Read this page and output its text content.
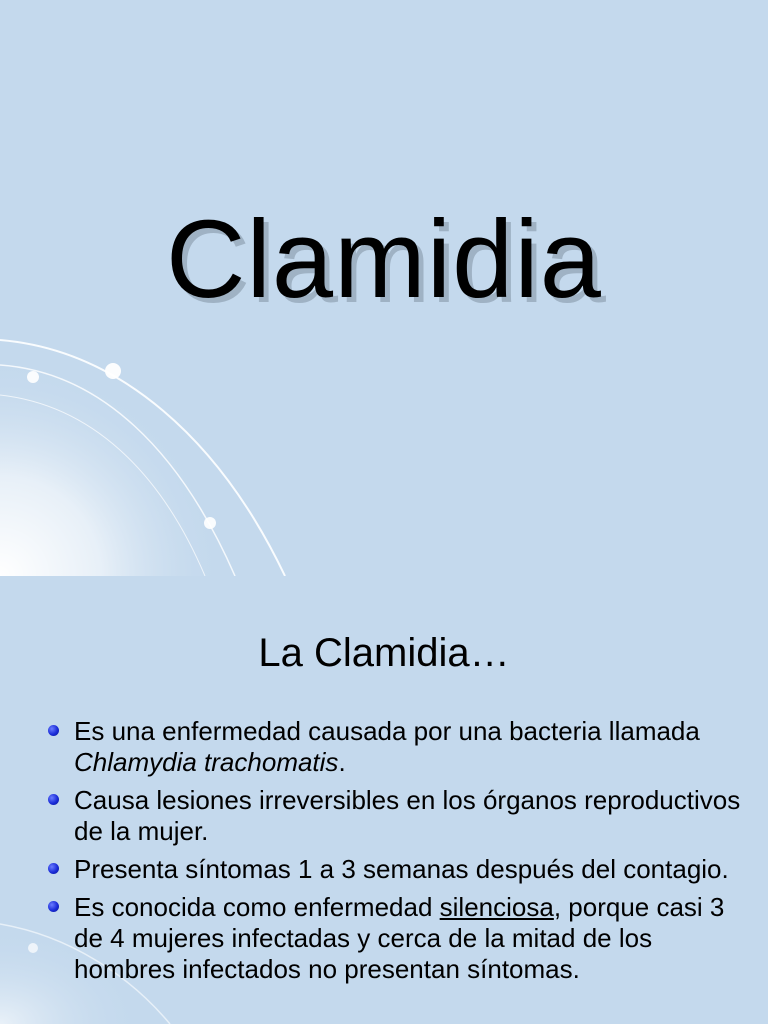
Clamidia
La Clamidia…
Es una enfermedad causada por una bacteria llamada Chlamydia trachomatis.
Causa lesiones irreversibles en los órganos reproductivos de la mujer.
Presenta síntomas 1 a 3 semanas después del contagio.
Es conocida como enfermedad silenciosa, porque casi 3 de 4 mujeres infectadas y cerca de la mitad de los hombres infectados no presentan síntomas.
